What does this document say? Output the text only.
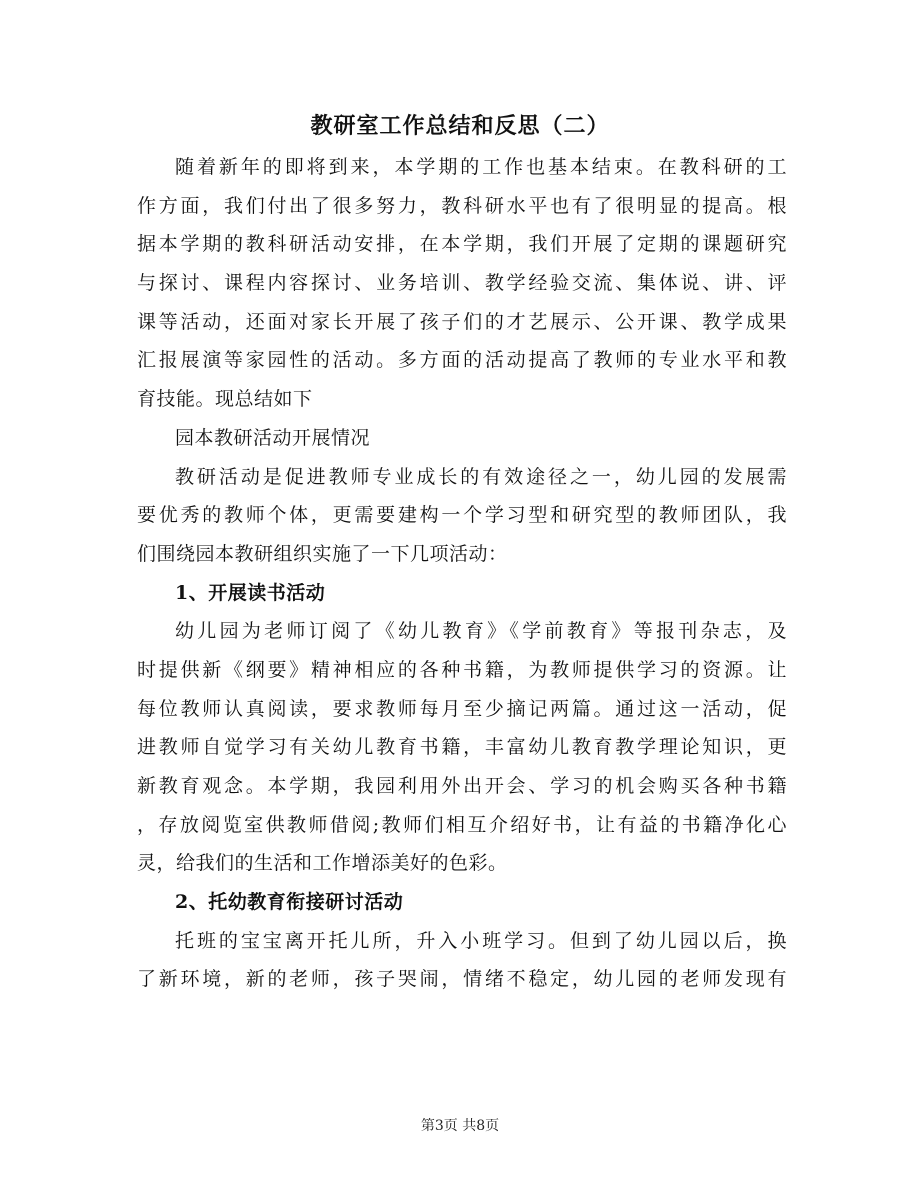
教研室工作总结和反思（二）
随着新年的即将到来，本学期的工作也基本结束。在教科研的工
作方面，我们付出了很多努力，教科研水平也有了很明显的提高。根
据本学期的教科研活动安排，在本学期，我们开展了定期的课题研究
与探讨、课程内容探讨、业务培训、教学经验交流、集体说、讲、评
课等活动，还面对家长开展了孩子们的才艺展示、公开课、教学成果
汇报展演等家园性的活动。多方面的活动提高了教师的专业水平和教
育技能。现总结如下
园本教研活动开展情况
教研活动是促进教师专业成长的有效途径之一，幼儿园的发展需
要优秀的教师个体，更需要建构一个学习型和研究型的教师团队，我
们围绕园本教研组织实施了一下几项活动：
1、开展读书活动
幼儿园为老师订阅了《幼儿教育》《学前教育》等报刊杂志，及
时提供新《纲要》精神相应的各种书籍，为教师提供学习的资源。让
每位教师认真阅读，要求教师每月至少摘记两篇。通过这一活动，促
进教师自觉学习有关幼儿教育书籍，丰富幼儿教育教学理论知识，更
新教育观念。本学期，我园利用外出开会、学习的机会购买各种书籍
，存放阅览室供教师借阅;教师们相互介绍好书，让有益的书籍净化心
灵，给我们的生活和工作增添美好的色彩。
2、托幼教育衔接研讨活动
托班的宝宝离开托儿所，升入小班学习。但到了幼儿园以后，换
了新环境，新的老师，孩子哭闹，情绪不稳定，幼儿园的老师发现有
第3页 共8页
